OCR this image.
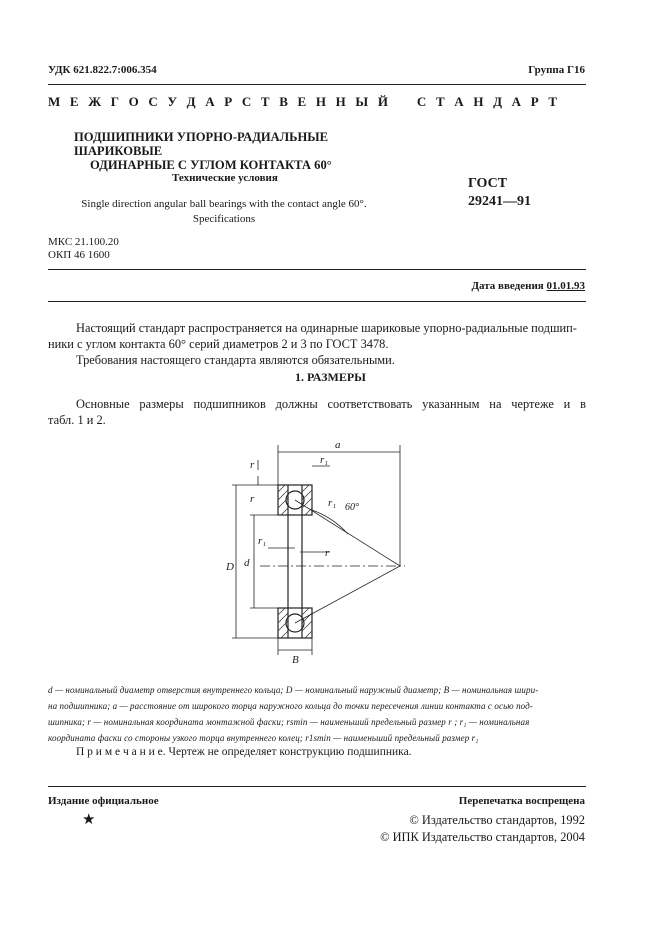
УДК 621.822.7:006.354	Группа Г16
М Е Ж Г О С У Д А Р С Т В Е Н Н Ы Й    С Т А Н Д А Р Т
ПОДШИПНИКИ УПОРНО-РАДИАЛЬНЫЕ ШАРИКОВЫЕ
ОДИНАРНЫЕ С УГЛОМ КОНТАКТА 60°
Технические условия
Single direction angular ball bearings with the contact angle 60°.
Specifications
ГОСТ
29241—91
МКС 21.100.20
ОКП 46 1600
Дата введения 01.01.93
Настоящий стандарт распространяется на одинарные шариковые упорно-радиальные подшип-
ники с углом контакта 60° серий диаметров 2 и 3 по ГОСТ 3478.
Требования настоящего стандарта являются обязательными.
1. РАЗМЕРЫ
Основные размеры подшипников должны соответствовать указанным на чертеже и в
табл. 1 и 2.
a
r	r₁
r₁
r
r₁
r
60°
D d
B
d — номинальный диаметр отверстия внутреннего кольца; D — номинальный наружный диаметр; B — номинальная шири-
на подшипника; a — расстояние от широкого торца наружного кольца до точки пересечения линии контакта с осью под-
шипника; r — номинальная координата монтажной фаски; rsmin — наименьший предельный размер r ; r₁ — номинальная
координата фаски со стороны узкого торца внутреннего колец; r1smin — наименьший предельный размер r₁
П р и м е ч а н и е. Чертеж не определяет конструкцию подшипника.
Издание официальное	Перепечатка воспрещена
★	© Издательство стандартов, 1992
© ИПК Издательство стандартов, 2004
